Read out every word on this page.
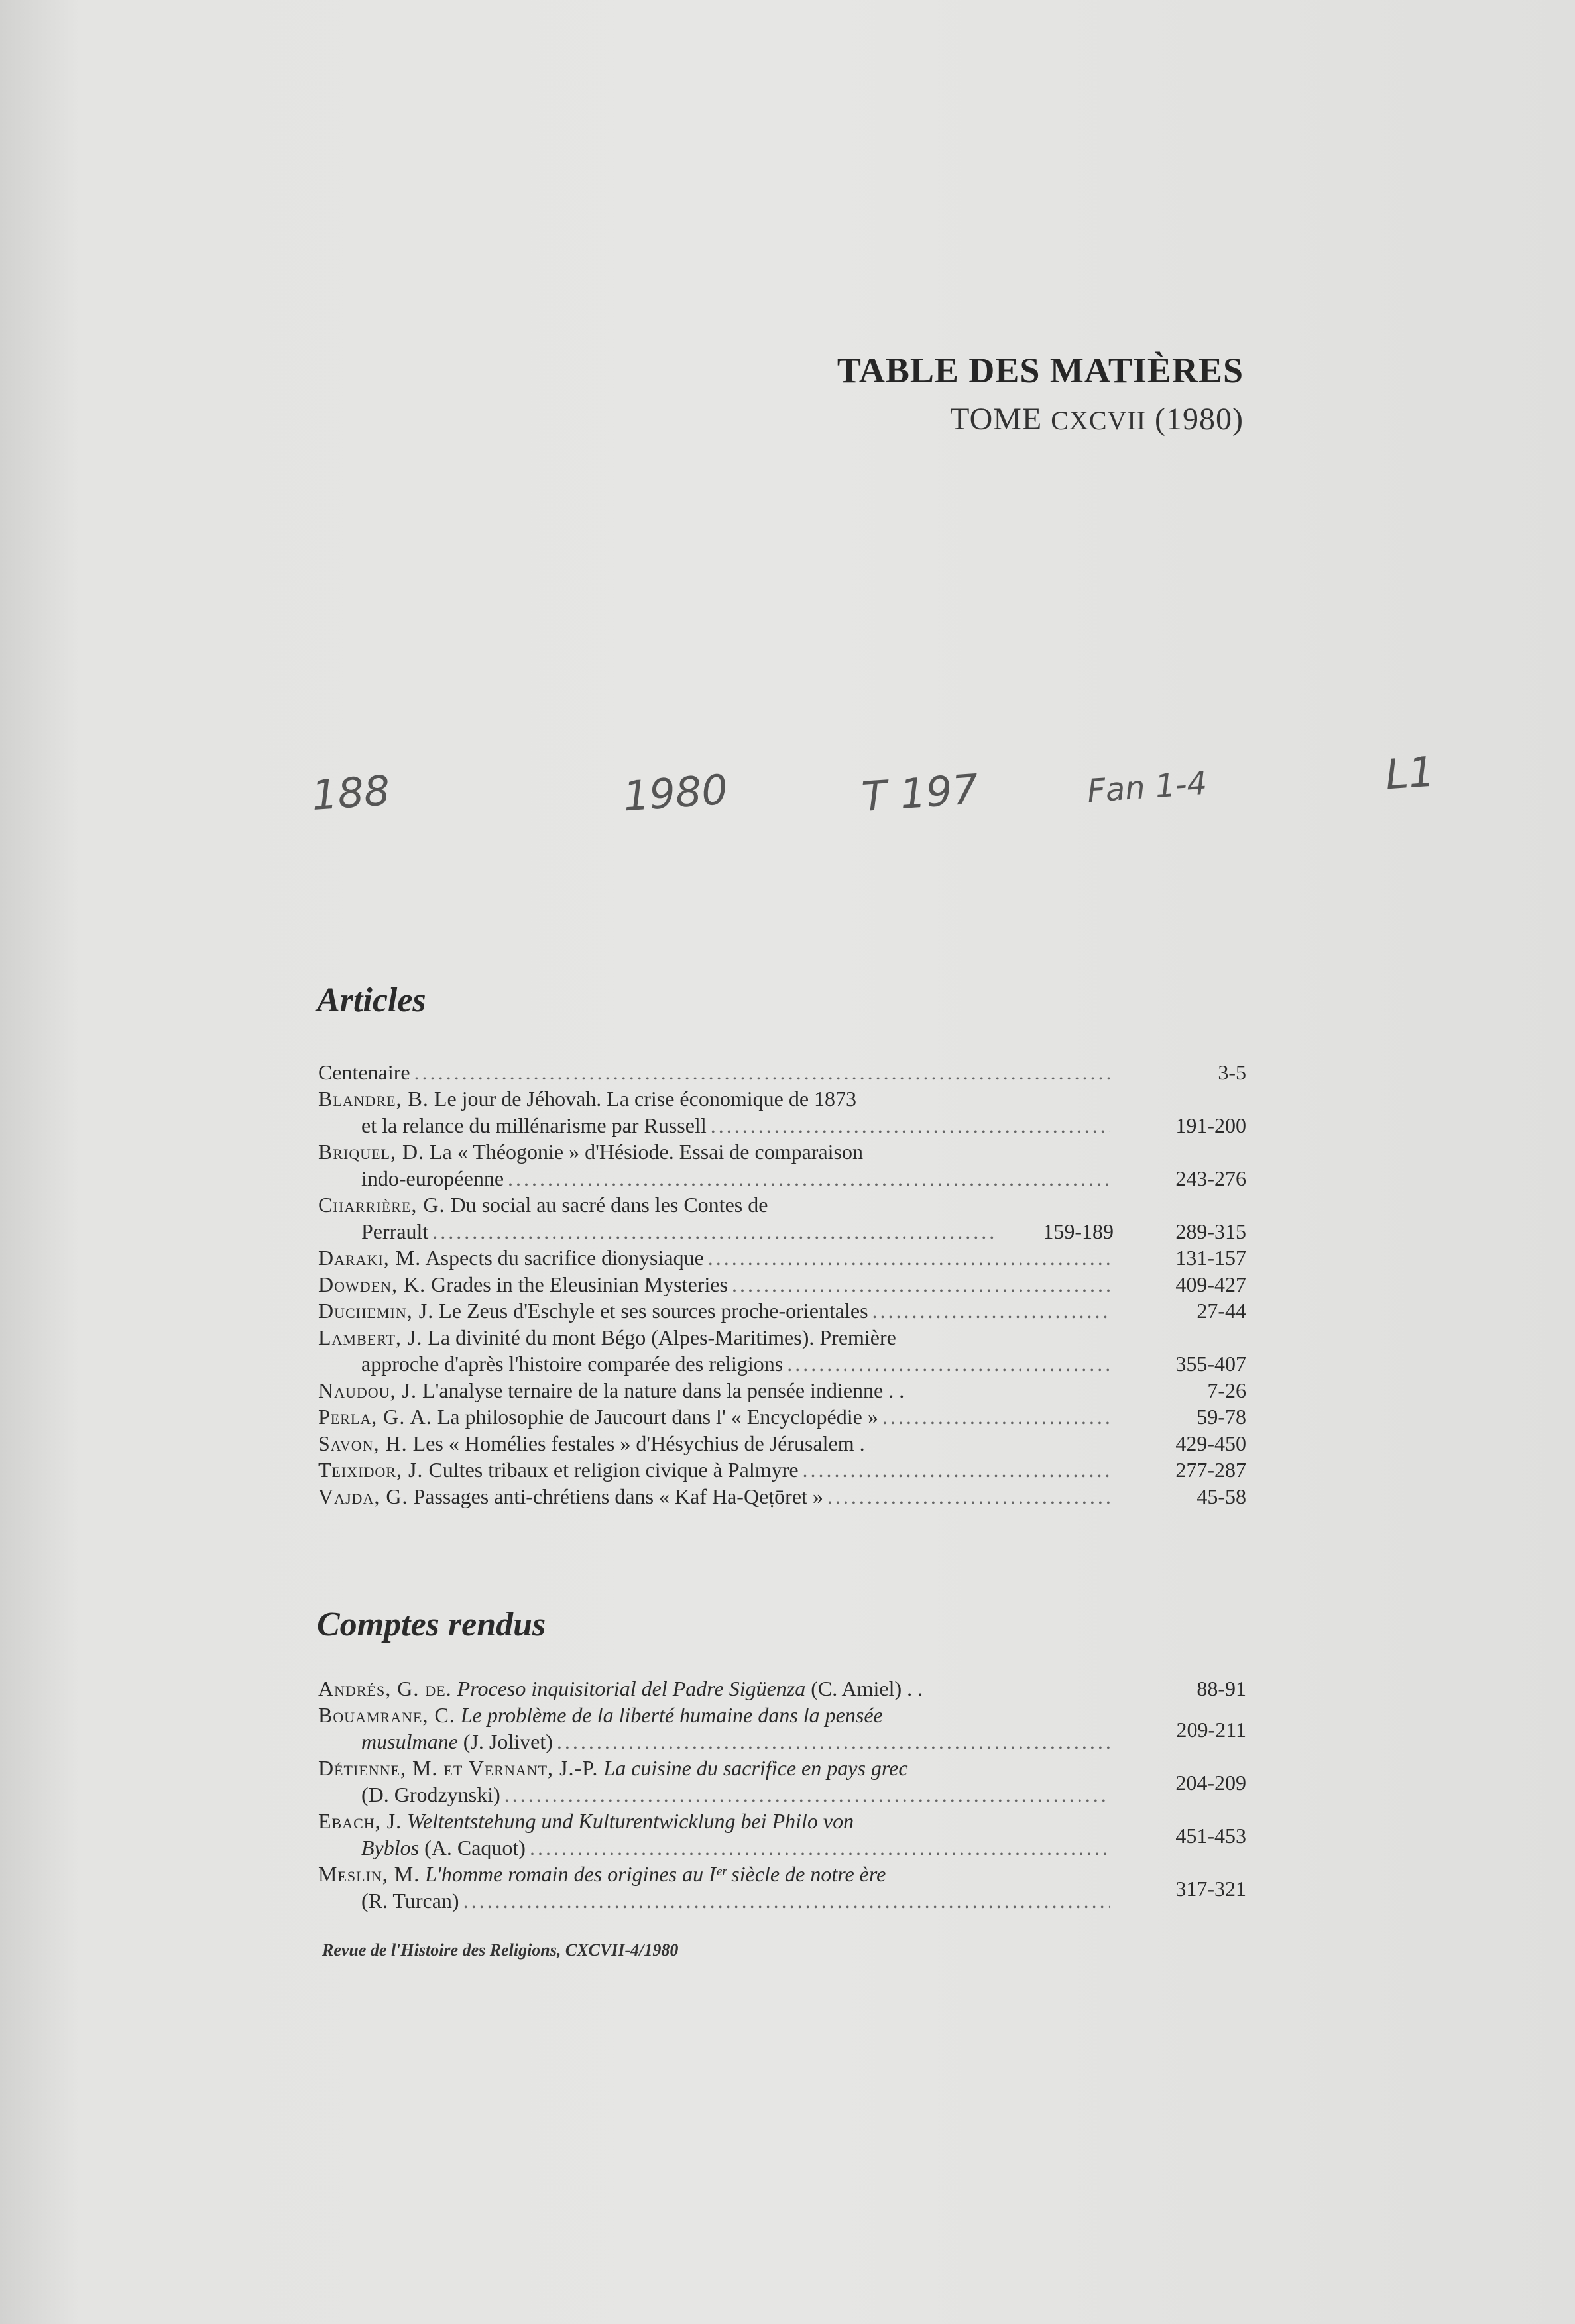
TABLE DES MATIÈRES
TOME CXCVII (1980)
188	1980	T 197	Fan 1-4	L1
Articles
Centenaire .....	3-5
Blandre, B. Le jour de Jéhovah. La crise économique de 1873
et la relance du millénarisme par Russell .....	191-200
Briquel, D. La « Théogonie » d'Hésiode. Essai de comparaison
indo-européenne .....	243-276
Charrière, G. Du social au sacré dans les Contes de
Perrault .....	159-189	289-315
Daraki, M. Aspects du sacrifice dionysiaque .....	131-157
Dowden, K. Grades in the Eleusinian Mysteries .....	409-427
Duchemin, J. Le Zeus d'Eschyle et ses sources proche-orientales .....	27-44
Lambert, J. La divinité du mont Bégo (Alpes-Maritimes). Première
approche d'après l'histoire comparée des religions .....	355-407
Naudou, J. L'analyse ternaire de la nature dans la pensée indienne . .	7-26
Perla, G. A. La philosophie de Jaucourt dans l' « Encyclopédie » .....	59-78
Savon, H. Les « Homélies festales » d'Hésychius de Jérusalem .	429-450
Teixidor, J. Cultes tribaux et religion civique à Palmyre .....	277-287
Vajda, G. Passages anti-chrétiens dans « Kaf Ha-Qeṭōret » .....	45-58
Comptes rendus
Andrés, G. de. Proceso inquisitorial del Padre Sigüenza (C. Amiel) . .	88-91
Bouamrane, C. Le problème de la liberté humaine dans la pensée
musulmane (J. Jolivet) .....	209-211
Détienne, M. et Vernant, J.-P. La cuisine du sacrifice en pays grec
(D. Grodzynski) .....	204-209
Ebach, J. Weltentstehung und Kulturentwicklung bei Philo von
Byblos (A. Caquot) .....	451-453
Meslin, M. L'homme romain des origines au Iᵉʳ siècle de notre ère
(R. Turcan) .....	317-321
Revue de l'Histoire des Religions, CXCVII-4/1980
